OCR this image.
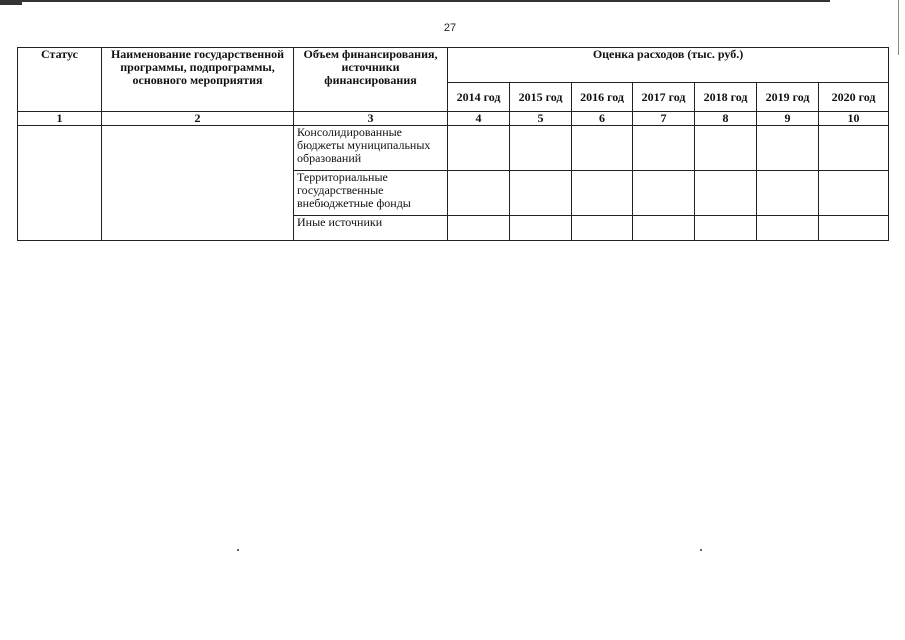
27
Статус	Наименование государственной программы, подпрограммы, основного мероприятия	Объем финансирования, источники финансирования	Оценка расходов (тыс. руб.)						
			2014 год	2015 год	2016 год	2017 год	2018 год	2019 год	2020 год
1	2	3	4	5	6	7	8	9	10
		Консолидированные бюджеты муниципальных образований							
		Территориальные государственные внебюджетные фонды							
		Иные источники							
